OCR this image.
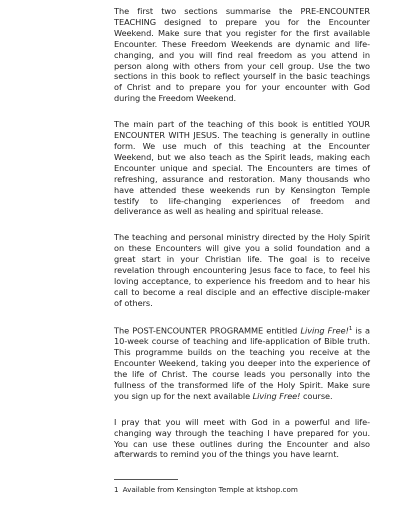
The first two sections summarise the PRE-ENCOUNTER TEACHING designed to prepare you for the Encounter Weekend. Make sure that you register for the first available Encounter. These Freedom Weekends are dynamic and life-changing, and you will find real freedom as you attend in person along with others from your cell group. Use the two sections in this book to reflect yourself in the basic teachings of Christ and to prepare you for your encounter with God during the Freedom Weekend.

The main part of the teaching of this book is entitled YOUR ENCOUNTER WITH JESUS. The teaching is generally in outline form. We use much of this teaching at the Encounter Weekend, but we also teach as the Spirit leads, making each Encounter unique and special. The Encounters are times of refreshing, assurance and restoration. Many thousands who have attended these weekends run by Kensington Temple testify to life-changing experiences of freedom and deliverance as well as healing and spiritual release.

The teaching and personal ministry directed by the Holy Spirit on these Encounters will give you a solid foundation and a great start in your Christian life. The goal is to receive revelation through encountering Jesus face to face, to feel his loving acceptance, to experience his freedom and to hear his call to become a real disciple and an effective disciple-maker of others.

The POST-ENCOUNTER PROGRAMME entitled Living Free!$^1$ is a 10-week course of teaching and life-application of Bible truth. This programme builds on the teaching you receive at the Encounter Weekend, taking you deeper into the experience of the life of Christ. The course leads you personally into the fullness of the transformed life of the Holy Spirit. Make sure you sign up for the next available Living Free! course.

I pray that you will meet with God in a powerful and life-changing way through the teaching I have prepared for you. You can use these outlines during the Encounter and also afterwards to remind you of the things you have learnt.

1 Available from Kensington Temple at ktshop.com
